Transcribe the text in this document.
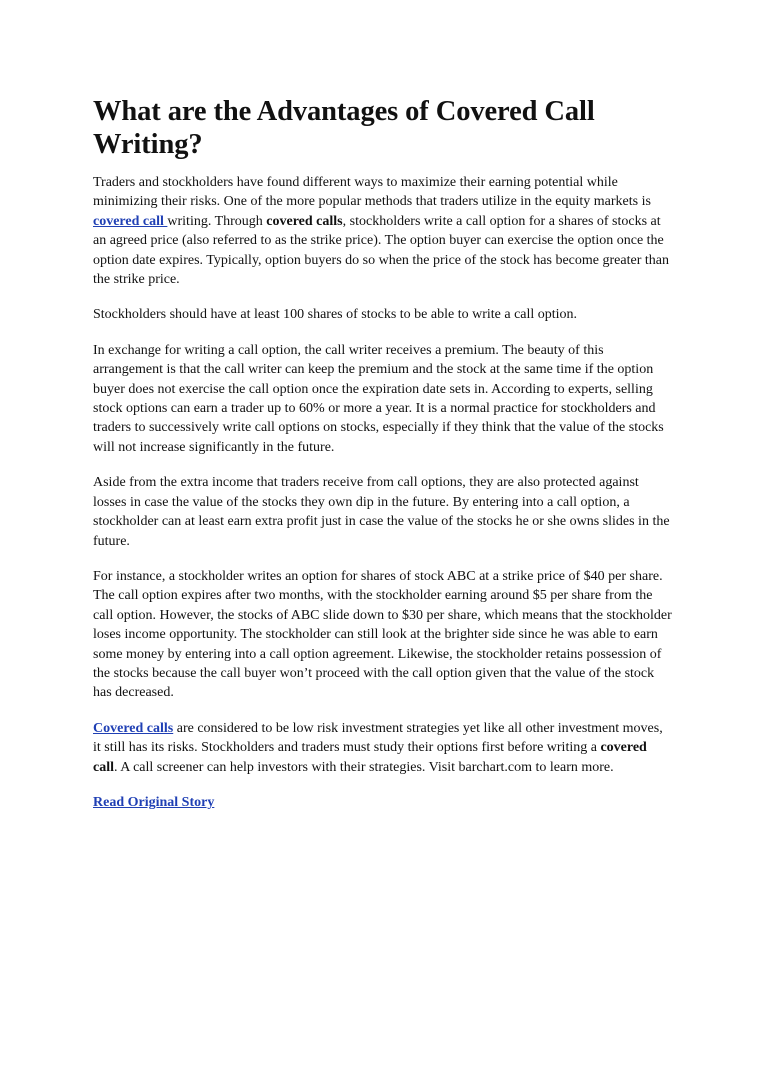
What are the Advantages of Covered Call Writing?

Traders and stockholders have found different ways to maximize their earning potential while minimizing their risks. One of the more popular methods that traders utilize in the equity markets is covered call writing. Through covered calls, stockholders write a call option for a shares of stocks at an agreed price (also referred to as the strike price). The option buyer can exercise the option once the option date expires. Typically, option buyers do so when the price of the stock has become greater than the strike price.

Stockholders should have at least 100 shares of stocks to be able to write a call option.

In exchange for writing a call option, the call writer receives a premium. The beauty of this arrangement is that the call writer can keep the premium and the stock at the same time if the option buyer does not exercise the call option once the expiration date sets in. According to experts, selling stock options can earn a trader up to 60% or more a year. It is a normal practice for stockholders and traders to successively write call options on stocks, especially if they think that the value of the stocks will not increase significantly in the future.

Aside from the extra income that traders receive from call options, they are also protected against losses in case the value of the stocks they own dip in the future. By entering into a call option, a stockholder can at least earn extra profit just in case the value of the stocks he or she owns slides in the future.

For instance, a stockholder writes an option for shares of stock ABC at a strike price of $40 per share. The call option expires after two months, with the stockholder earning around $5 per share from the call option. However, the stocks of ABC slide down to $30 per share, which means that the stockholder loses income opportunity. The stockholder can still look at the brighter side since he was able to earn some money by entering into a call option agreement. Likewise, the stockholder retains possession of the stocks because the call buyer won’t proceed with the call option given that the value of the stock has decreased.

Covered calls are considered to be low risk investment strategies yet like all other investment moves, it still has its risks. Stockholders and traders must study their options first before writing a covered call. A call screener can help investors with their strategies. Visit barchart.com to learn more.

Read Original Story
